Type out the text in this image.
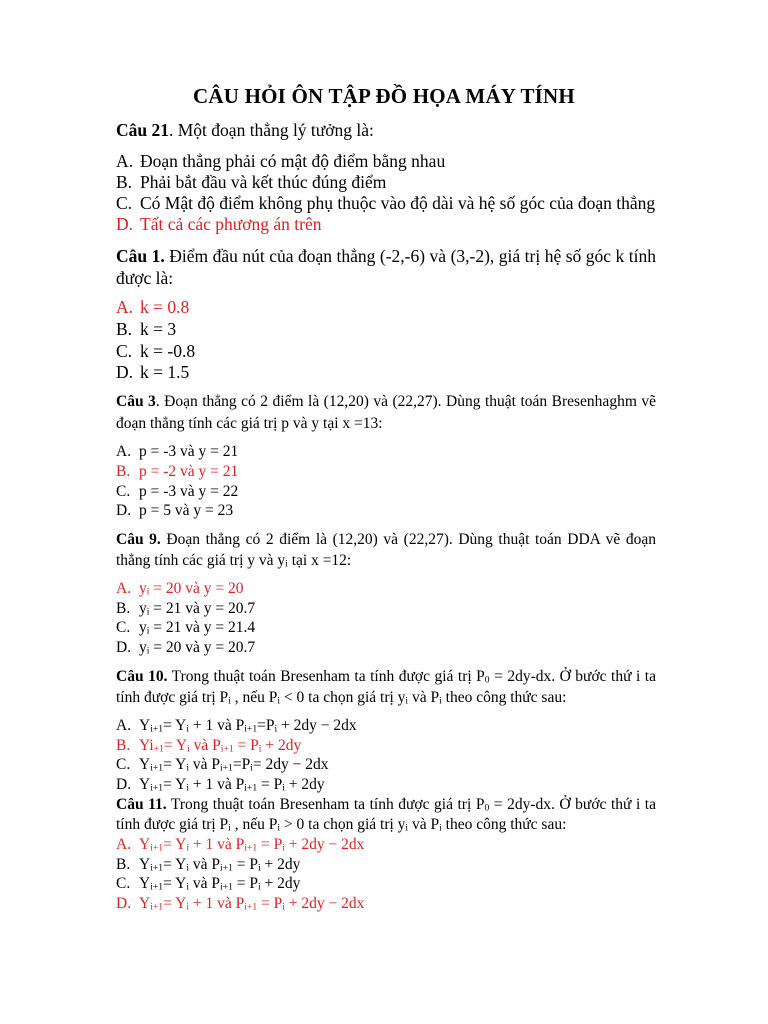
CÂU HỎI ÔN TẬP ĐỒ HỌA MÁY TÍNH
Câu 21. Một đoạn thẳng lý tưởng là:
A. Đoạn thẳng phải có mật độ điểm bằng nhau
B. Phải bắt đầu và kết thúc đúng điểm
C. Có Mật độ điểm không phụ thuộc vào độ dài và hệ số góc của đoạn thẳng
D. Tất cả các phương án trên
Câu 1. Điểm đầu nút của đoạn thẳng (-2,-6) và (3,-2), giá trị hệ số góc k tính được là:
A. k = 0.8
B. k = 3
C. k = -0.8
D. k = 1.5
Câu 3. Đoạn thẳng có 2 điểm là (12,20) và (22,27). Dùng thuật toán Bresenhaghm vẽ
đoạn thẳng tính các giá trị p và y tại x =13:
A. p = -3 và y = 21
B. p = -2 và y = 21
C. p = -3 và y = 22
D. p = 5 và y = 23
Câu 9. Đoạn thẳng có 2 điểm là (12,20) và (22,27). Dùng thuật toán DDA vẽ đoạn
thẳng tính các giá trị y và $y_i$ tại x =12:
A. $y_i = 20$ và y = 20
B. $y_i = 21$ và y = 20.7
C. $y_i = 21$ và y = 21.4
D. $y_i = 20$ và y = 20.7
Câu 10. Trong thuật toán Bresenham ta tính được giá trị $P_0 = 2dy-dx$. Ở bước thứ i ta
tính được giá trị $P_i$ , nếu $P_i < 0$ ta chọn giá trị $y_i$ và $P_i$ theo công thức sau:
A. $Y_{i+1}= Y_i + 1$ và $P_{i+1}=P_i + 2dy - 2dx$
B. $Yi_{+1}= Y_i$ và $P_{i+1} = P_i + 2dy$
C. $Y_{i+1}= Y_i$ và $P_{i+1}=P_i= 2dy - 2dx$
D. $Y_{i+1}= Y_i + 1$ và $P_{i+1} = P_i + 2dy$
Câu 11. Trong thuật toán Bresenham ta tính được giá trị $P_0 = 2dy-dx$. Ở bước thứ i ta
tính được giá trị $P_i$ , nếu $P_i > 0$ ta chọn giá trị $y_i$ và $P_i$ theo công thức sau:
A. $Y_{i+1}= Y_i + 1$ và $P_{i+1} = P_i + 2dy - 2dx$
B. $Y_{i+1}= Y_i$ và $P_{i+1} = P_i + 2dy$
C. $Y_{i+1}= Y_i$ và $P_{i+1} = P_i + 2dy$
D. $Y_{i+1}= Y_i + 1$ và $P_{i+1} = P_i + 2dy - 2dx$
